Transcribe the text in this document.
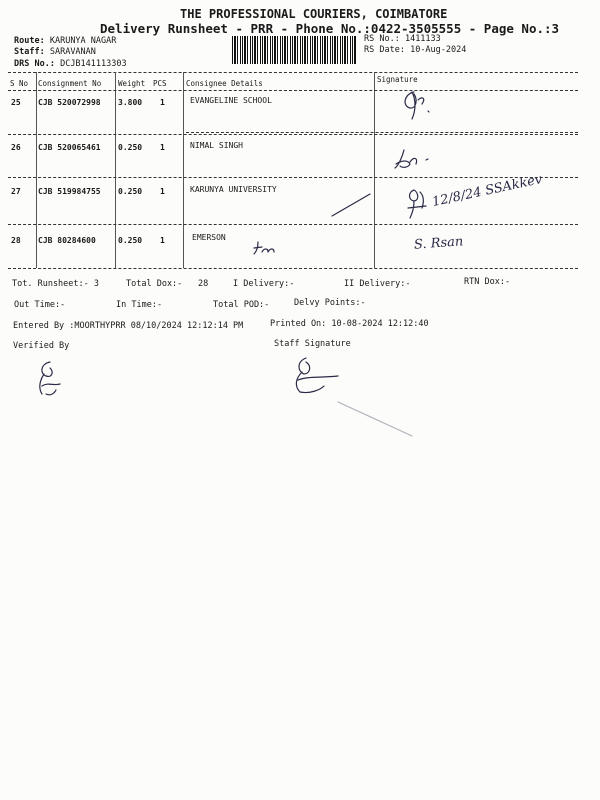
THE PROFESSIONAL COURIERS, COIMBATORE
Delivery Runsheet - PRR - Phone No.:0422-3505555 - Page No.:3
Route: KARUNYA NAGAR
Staff: SARAVANAN
DRS No.: DCJB141113303
RS No.: 1411133
RS Date: 10-Aug-2024
S No Consignment No Weight PCS	Consignee Details	Signature
25 CJB 520072998 3.800 1	EVANGELINE SCHOOL
26 CJB 520065461 0.250 1	NIMAL SINGH
27 CJB 519984755 0.250 1	KARUNYA UNIVERSITY	12/8/24 SSAkkev
28 CJB 80284600	0.250 1	EMERSON	S. Rsan
Tot. Runsheet:- 3	Total Dox:- 28	I Delivery:-	II Delivery:-	RTN Dox:-
Out Time:-	In Time:-	Total POD:-	Delvy Points:-
Entered By :MOORTHYPRR 08/10/2024 12:12:14 PM	Printed On: 10-08-2024 12:12:40
Verified By	Staff Signature
